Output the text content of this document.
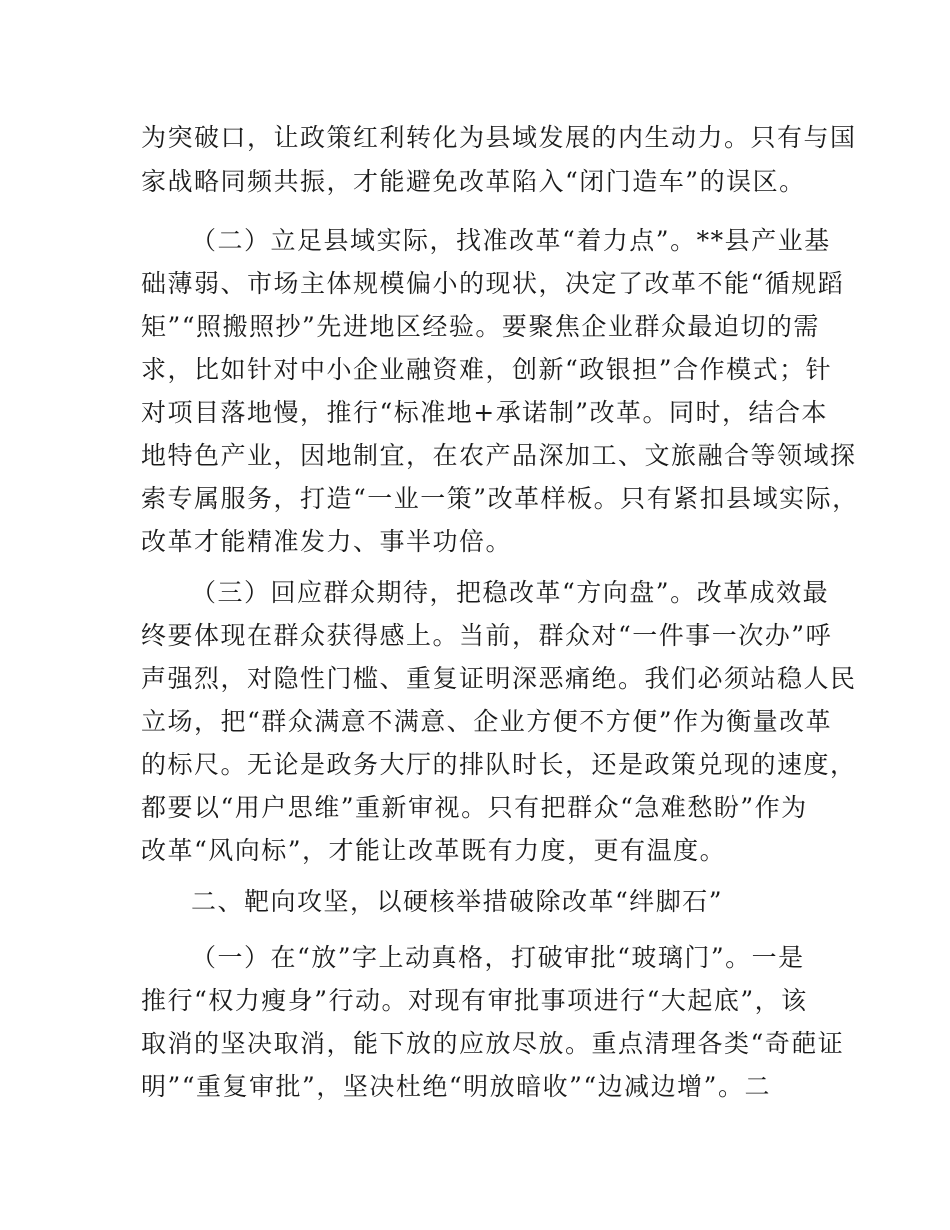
为突破口，让政策红利转化为县域发展的内生动力。只有与国
家战略同频共振，才能避免改革陷入“闭门造车”的误区。
（二）立足县域实际，找准改革“着力点”。**县产业基
础薄弱、市场主体规模偏小的现状，决定了改革不能“循规蹈
矩”“照搬照抄”先进地区经验。要聚焦企业群众最迫切的需
求，比如针对中小企业融资难，创新“政银担”合作模式；针
对项目落地慢，推行“标准地+承诺制”改革。同时，结合本
地特色产业，因地制宜，在农产品深加工、文旅融合等领域探
索专属服务，打造“一业一策”改革样板。只有紧扣县域实际，
改革才能精准发力、事半功倍。
（三）回应群众期待，把稳改革“方向盘”。改革成效最
终要体现在群众获得感上。当前，群众对“一件事一次办”呼
声强烈，对隐性门槛、重复证明深恶痛绝。我们必须站稳人民
立场，把“群众满意不满意、企业方便不方便”作为衡量改革
的标尺。无论是政务大厅的排队时长，还是政策兑现的速度，
都要以“用户思维”重新审视。只有把群众“急难愁盼”作为
改革“风向标”，才能让改革既有力度，更有温度。
二、靶向攻坚，以硬核举措破除改革“绊脚石”
（一）在“放”字上动真格，打破审批“玻璃门”。一是
推行“权力瘦身”行动。对现有审批事项进行“大起底”，该
取消的坚决取消，能下放的应放尽放。重点清理各类“奇葩证
明”“重复审批”，坚决杜绝“明放暗收”“边减边增”。二
